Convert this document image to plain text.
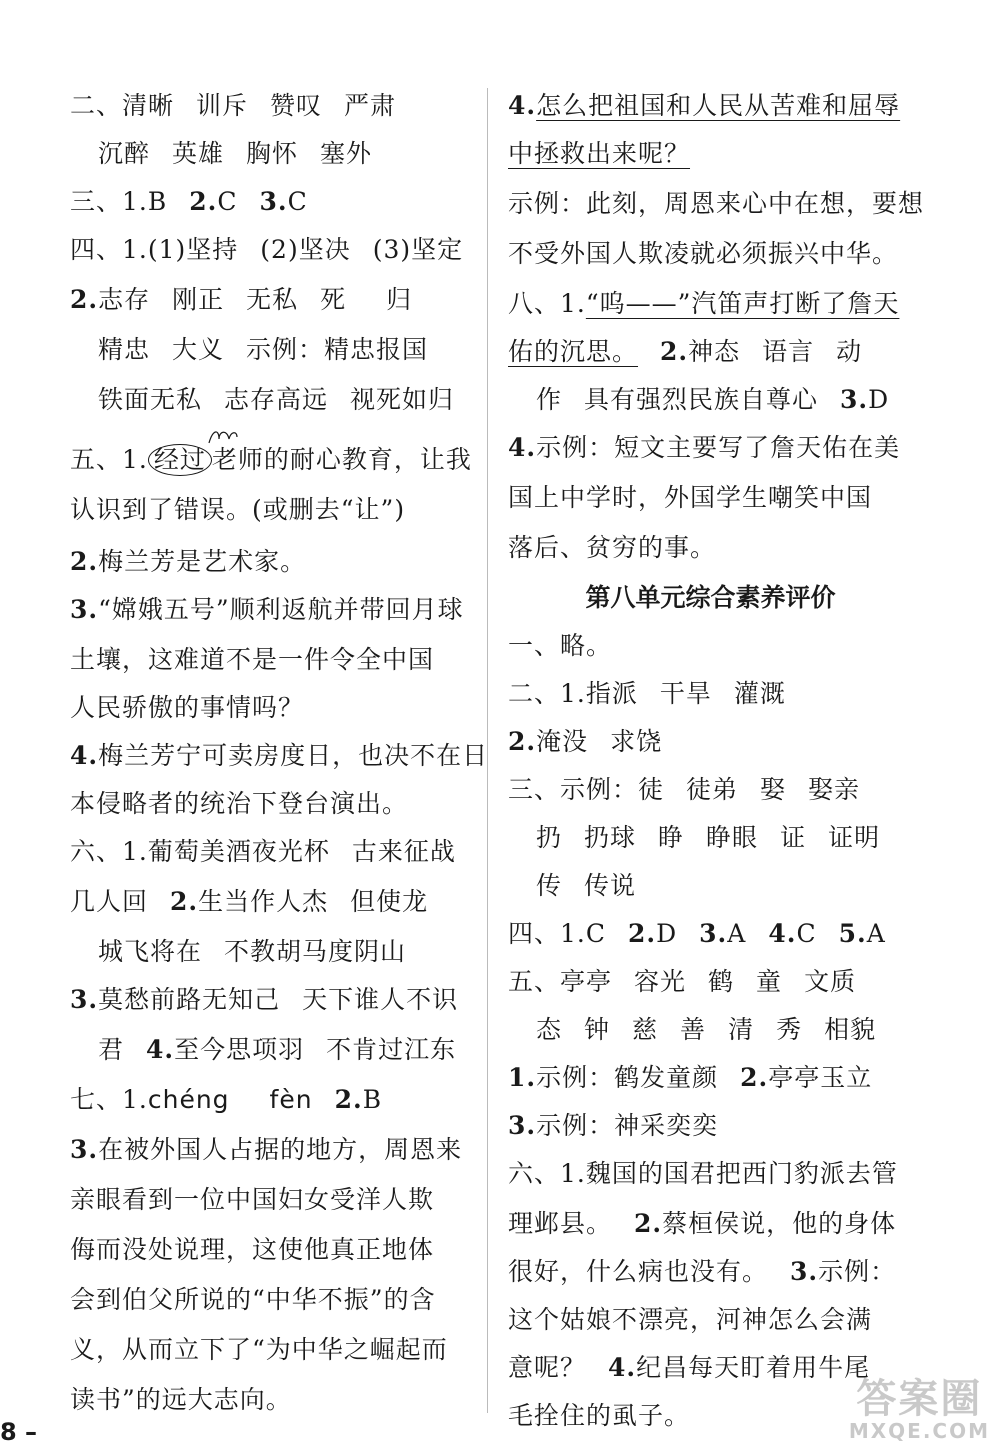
二、清晰 训斥 赞叹 严肃
沉醉 英雄 胸怀 塞外
三、1.B 2.C 3.C
四、1.(1)坚持 (2)坚决 (3)坚定
2.志存 刚正 无私 死 归
精忠 大义 示例：精忠报国
铁面无私 志存高远 视死如归
五、1. 经过 老师的耐心教育，让我
认识到了错误。(或删去“让”)
2.梅兰芳是艺术家。
3.“嫦娥五号”顺利返航并带回月球
土壤，这难道不是一件令全中国
人民骄傲的事情吗？
4.梅兰芳宁可卖房度日，也决不在日
本侵略者的统治下登台演出。
六、1.葡萄美酒夜光杯 古来征战
几人回 2.生当作人杰 但使龙
城飞将在 不教胡马度阴山
3.莫愁前路无知己 天下谁人不识
君 4.至今思项羽 不肯过江东
七、1.chéng fèn 2.B
3.在被外国人占据的地方，周恩来
亲眼看到一位中国妇女受洋人欺
侮而没处说理，这使他真正地体
会到伯父所说的“中华不振”的含
义，从而立下了“为中华之崛起而
读书”的远大志向。
4.怎么把祖国和人民从苦难和屈辱
中拯救出来呢？
示例：此刻，周恩来心中在想，要想
不受外国人欺凌就必须振兴中华。
八、1.“呜——”汽笛声打断了詹天
佑的沉思。 2.神态 语言 动
作 具有强烈民族自尊心 3.D
4.示例：短文主要写了詹天佑在美
国上中学时，外国学生嘲笑中国
落后、贫穷的事。
第八单元综合素养评价
一、略。
二、1.指派 干旱 灌溉
2.淹没 求饶
三、示例：徒 徒弟 娶 娶亲
扔 扔球 睁 睁眼 证 证明
传 传说
四、1.C 2.D 3.A 4.C 5.A
五、亭亭 容光 鹤 童 文质
态 钟 慈 善 清 秀 相貌
1.示例：鹤发童颜 2.亭亭玉立
3.示例：神采奕奕
六、1.魏国的国君把西门豹派去管
理邺县。 2.蔡桓侯说，他的身体
很好，什么病也没有。 3.示例：
这个姑娘不漂亮，河神怎么会满
意呢？ 4.纪昌每天盯着用牛尾
毛拴住的虱子。	答案圈
MXQE.COM
8 –
